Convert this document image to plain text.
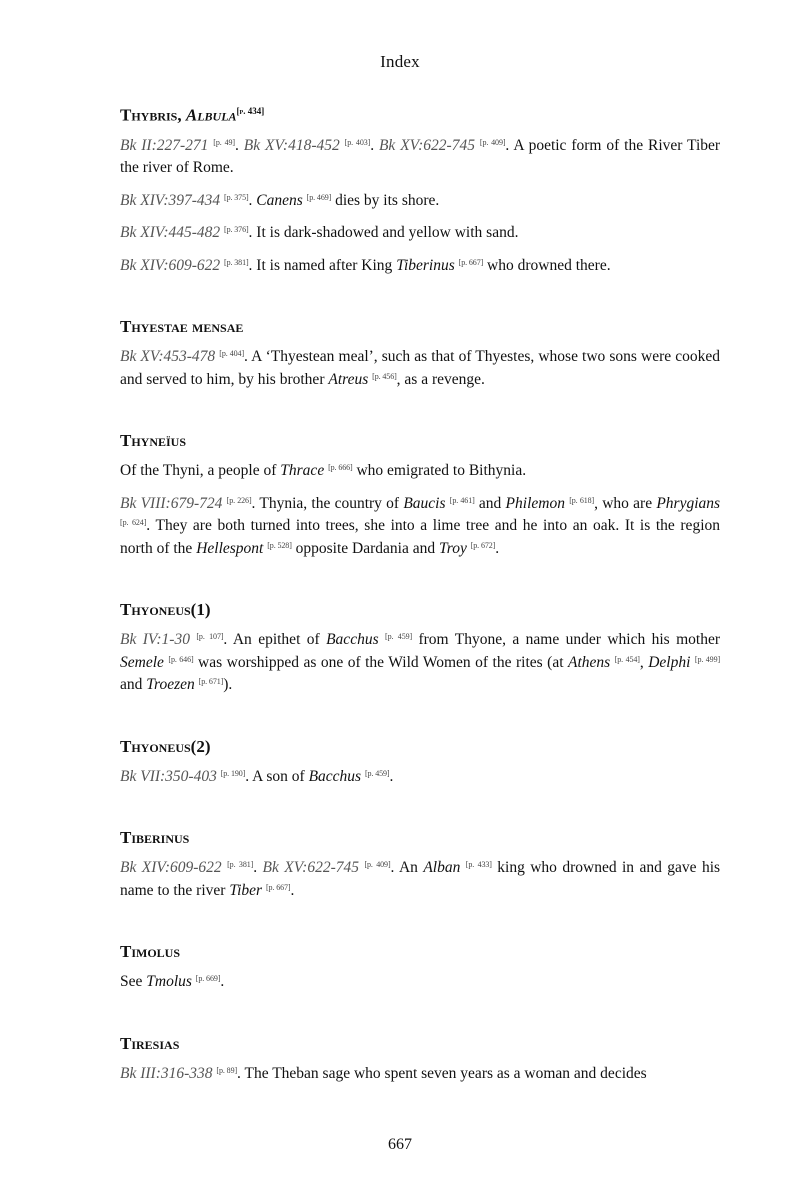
Index
Thybris, Albula[p. 434]

Bk II:227-271 [p. 49]. Bk XV:418-452 [p. 403]. Bk XV:622-745 [p. 409]. A poetic form of the River Tiber the river of Rome.

Bk XIV:397-434 [p. 375]. Canens [p. 469] dies by its shore.

Bk XIV:445-482 [p. 376]. It is dark-shadowed and yellow with sand.

Bk XIV:609-622 [p. 381]. It is named after King Tiberinus [p. 667] who drowned there.

Thyestae mensae

Bk XV:453-478 [p. 404]. A ‘Thyestean meal’, such as that of Thyestes, whose two sons were cooked and served to him, by his brother Atreus [p. 456], as a revenge.

Thyneïus

Of the Thyni, a people of Thrace [p. 666] who emigrated to Bithynia.

Bk VIII:679-724 [p. 226]. Thynia, the country of Baucis [p. 461] and Philemon [p. 618], who are Phrygians [p. 624]. They are both turned into trees, she into a lime tree and he into an oak. It is the region north of the Hellespont [p. 528] opposite Dardania and Troy [p. 672].

Thyoneus(1)

Bk IV:1-30 [p. 107]. An epithet of Bacchus [p. 459] from Thyone, a name under which his mother Semele [p. 646] was worshipped as one of the Wild Women of the rites (at Athens [p. 454], Delphi [p. 499] and Troezen [p. 671]).

Thyoneus(2)

Bk VII:350-403 [p. 190]. A son of Bacchus [p. 459].

Tiberinus

Bk XIV:609-622 [p. 381]. Bk XV:622-745 [p. 409]. An Alban [p. 433] king who drowned in and gave his name to the river Tiber [p. 667].

Timolus

See Tmolus [p. 669].

Tiresias

Bk III:316-338 [p. 89]. The Theban sage who spent seven years as a woman and decides

667
